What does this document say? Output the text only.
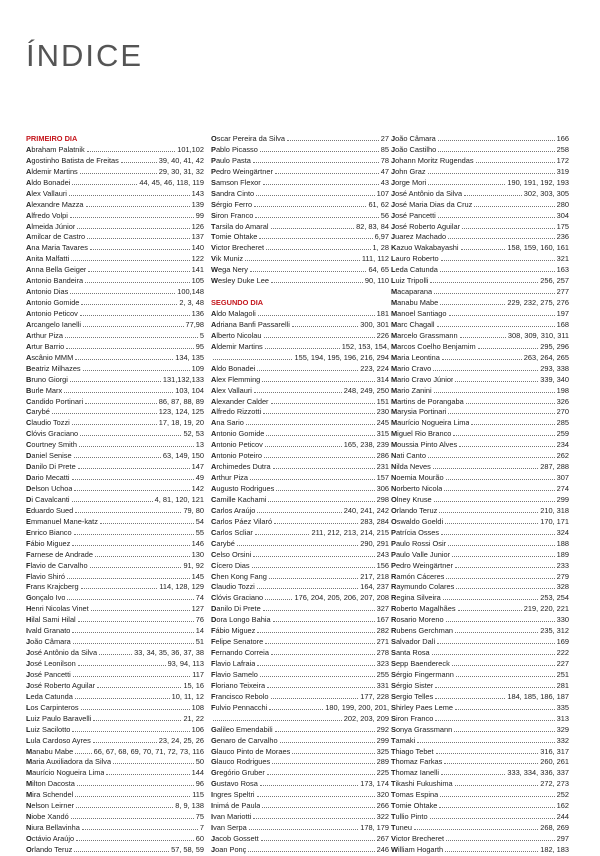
ÍNDICE
PRIMEIRO DIA
Abraham Palatnik	101,102
Agostinho Batista de Freitas	39, 40, 41, 42
Aldemir Martins	29, 30, 31, 32
Aldo Bonadei	44, 45, 46, 118, 119
Alex Vallauri	143
Alexandre Mazza	139
Alfredo Volpi	99
Almeida Júnior	126
Amilcar de Castro	137
Ana Maria Tavares	140
Anita Malfatti	122
Anna Bella Geiger	141
Antonio Bandeira	105
Antonio Dias	100,148
Antonio Gomide	2, 3, 48
Antonio Peticov	136
Arcangelo Ianelli	77,98
Arthur Piza	5
Artur Barrio	95
Ascânio MMM	134, 135
Beatriz Milhazes	109
Bruno Giorgi	131,132,133
Burle Marx	103, 104
Candido Portinari	86, 87, 88, 89
Carybé	123, 124, 125
Claudio Tozzi	17, 18, 19, 20
Clóvis Graciano	52, 53
Courtney Smith	13
Daniel Senise	63, 149, 150
Danilo Di Prete	147
Dario Mecatti	49
Delson Uchoa	142
Di Cavalcanti	4, 81, 120, 121
Eduardo Sued	79, 80
Emmanuel Mane-katz	54
Enrico Bianco	55
Fábio Miguez	146
Farnese de Andrade	130
Flavio de Carvalho	91, 92
Flavio Shiró	145
Frans Krajcberg	114, 128, 129
Gonçalo Ivo	74
Henri Nicolas Vinet	127
Hilal Sami Hilal	76
Ivald Granato	14
João Câmara	51
José Antônio da Silva	33, 34, 35, 36, 37, 38
José Leonilson	93, 94, 113
José Pancetti	117
José Roberto Aguilar	15, 16
Leda Catunda	10, 11, 12
Los Carpinteros	108
Luiz Paulo Baravelli	21, 22
Luiz Sacilotto	106
Lula Cardoso Ayres	23, 24, 25, 26
Manabu Mabe	66, 67, 68, 69, 70, 71, 72, 73, 116
Maria Auxiliadora da Silva	50
Maurício Nogueira Lima	144
Milton Dacosta	96
Mira Schendel	115
Nelson Leirner	8, 9, 138
Niobe Xandó	75
Niura Bellavinha	7
Octávio Araújo	60
Orlando Teruz	57, 58, 59
Oscar Pereira da Silva	27
Pablo Picasso	85
Paulo Pasta	78
Pedro Weingärtner	47
Samson Flexor	43
Sandra Cinto	107
Sérgio Ferro	61, 62
Siron Franco	56
Tarsila do Amaral	82, 83, 84
Tomie Ohtake	6,97
Victor Brecheret	1, 28
Vik Muniz	111, 112
Wega Nery	64, 65
Wesley Duke Lee	90, 110
SEGUNDO DIA
Aldo Malagoli	181
Adriana Banfi Passarelli	300, 301
Alberto Nicolau	226
Aldemir Martins	152, 153, 154,
155, 194, 195, 196, 216, 294
Aldo Bonadei	223, 224
Alex Flemming	314
Alex Vallauri	248, 249, 250
Alexander Calder	151
Alfredo Rizzotti	230
Ana Sario	245
Antonio Gomide	315
Antonio Peticov	165, 238, 239
Antonio Poteiro	286
Archimedes Dutra	231
Arthur Piza	157
Augusto Rodrigues	306
Camille Kachami	298
Carlos Araújo	240, 241, 242
Carlos Páez Vilaró	283, 284
Carlos Scliar	211, 212, 213, 214, 215
Carybé	290, 291
Celso Orsini	243
Cícero Dias	156
Chen Kong Fang	217, 218
Claudio Tozzi	164, 237
Clóvis Graciano	176, 204, 205, 206, 207, 208
Danilo Di Prete	327
Dora Longo Bahia	167
Fábio Miguez	282
Felipe Senatore	271
Fernando Correia	278
Flavio Lafraia	323
Flavio Samelo	255
Floriano Teixeira	331
Francisco Rebolo	177, 228
Fulvio Pennacchi	180, 199, 200, 201,
202, 203, 209
Galileo Emendabili	292
Genaro de Carvalho	299
Glauco Pinto de Moraes	325
Glauco Rodrigues	289
Gregório Gruber	225
Gustavo Rosa	173, 174
Ingres Speltri	320
Inimá de Paula	266
Ivan Mariotti	322
Ivan Serpa	178, 179
Jacob Gossett	267
Joan Ponç	246
João Câmara	166
João Castilho	258
Johann Moritz Rugendas	172
John Graz	319
Jorge Mori	190, 191, 192, 193
José Antônio da Silva	302, 303, 305
José Maria Dias da Cruz	280
José Pancetti	304
José Roberto Aguilar	175
Juarez Machado	236
Kazuo Wakabayashi	158, 159, 160, 161
Lauro Roberto	321
Leda Catunda	163
Luiz Tripolli	256, 257
Macaparana	277
Manabu Mabe	229, 232, 275, 276
Manoel Santiago	197
Marc Chagall	168
Marcelo Grassmann	308, 309, 310, 311
Marcos Coelho Benjamim	295, 296
Maria Leontina	263, 264, 265
Mario Cravo	293, 338
Mario Cravo Júnior	339, 340
Mario Zanini	198
Martins de Porangaba	326
Marysia Portinari	270
Maurício Nogueira Lima	285
Miguel Rio Branco	259
Moussia Pinto Alves	234
Nati Canto	262
Nilda Neves	287, 288
Noemia Mourão	307
Norberto Nicola	274
Olney Kruse	299
Orlando Teruz	210, 318
Oswaldo Goeldi	170, 171
Patrícia Osses	324
Paulo Rossi Osir	188
Paulo Valle Junior	189
Pedro Weingärtner	233
Ramón Cáceres	279
Raymundo Colares	328
Regina Silveira	253, 254
Roberto Magalhães	219, 220, 221
Rosario Moreno	330
Rubens Gerchman	235, 312
Salvador Dalí	169
Santa Rosa	222
Sepp Baendereck	227
Sérgio Fingermann	251
Sérgio Sister	281
Sergio Telles	184, 185, 186, 187
Shirley Paes Leme	335
Siron Franco	313
Sonya Grassmann	329
Tamaki	332
Thiago Tebet	316, 317
Thomaz Farkas	260, 261
Thomaz Ianelli	333, 334, 336, 337
Tikashi Fukushima	272, 273
Tomas Espina	252
Tomie Ohtake	162
Tullio Pinto	244
Tuneu	268, 269
Victor Brecheret	297
William Hogarth	182, 183
